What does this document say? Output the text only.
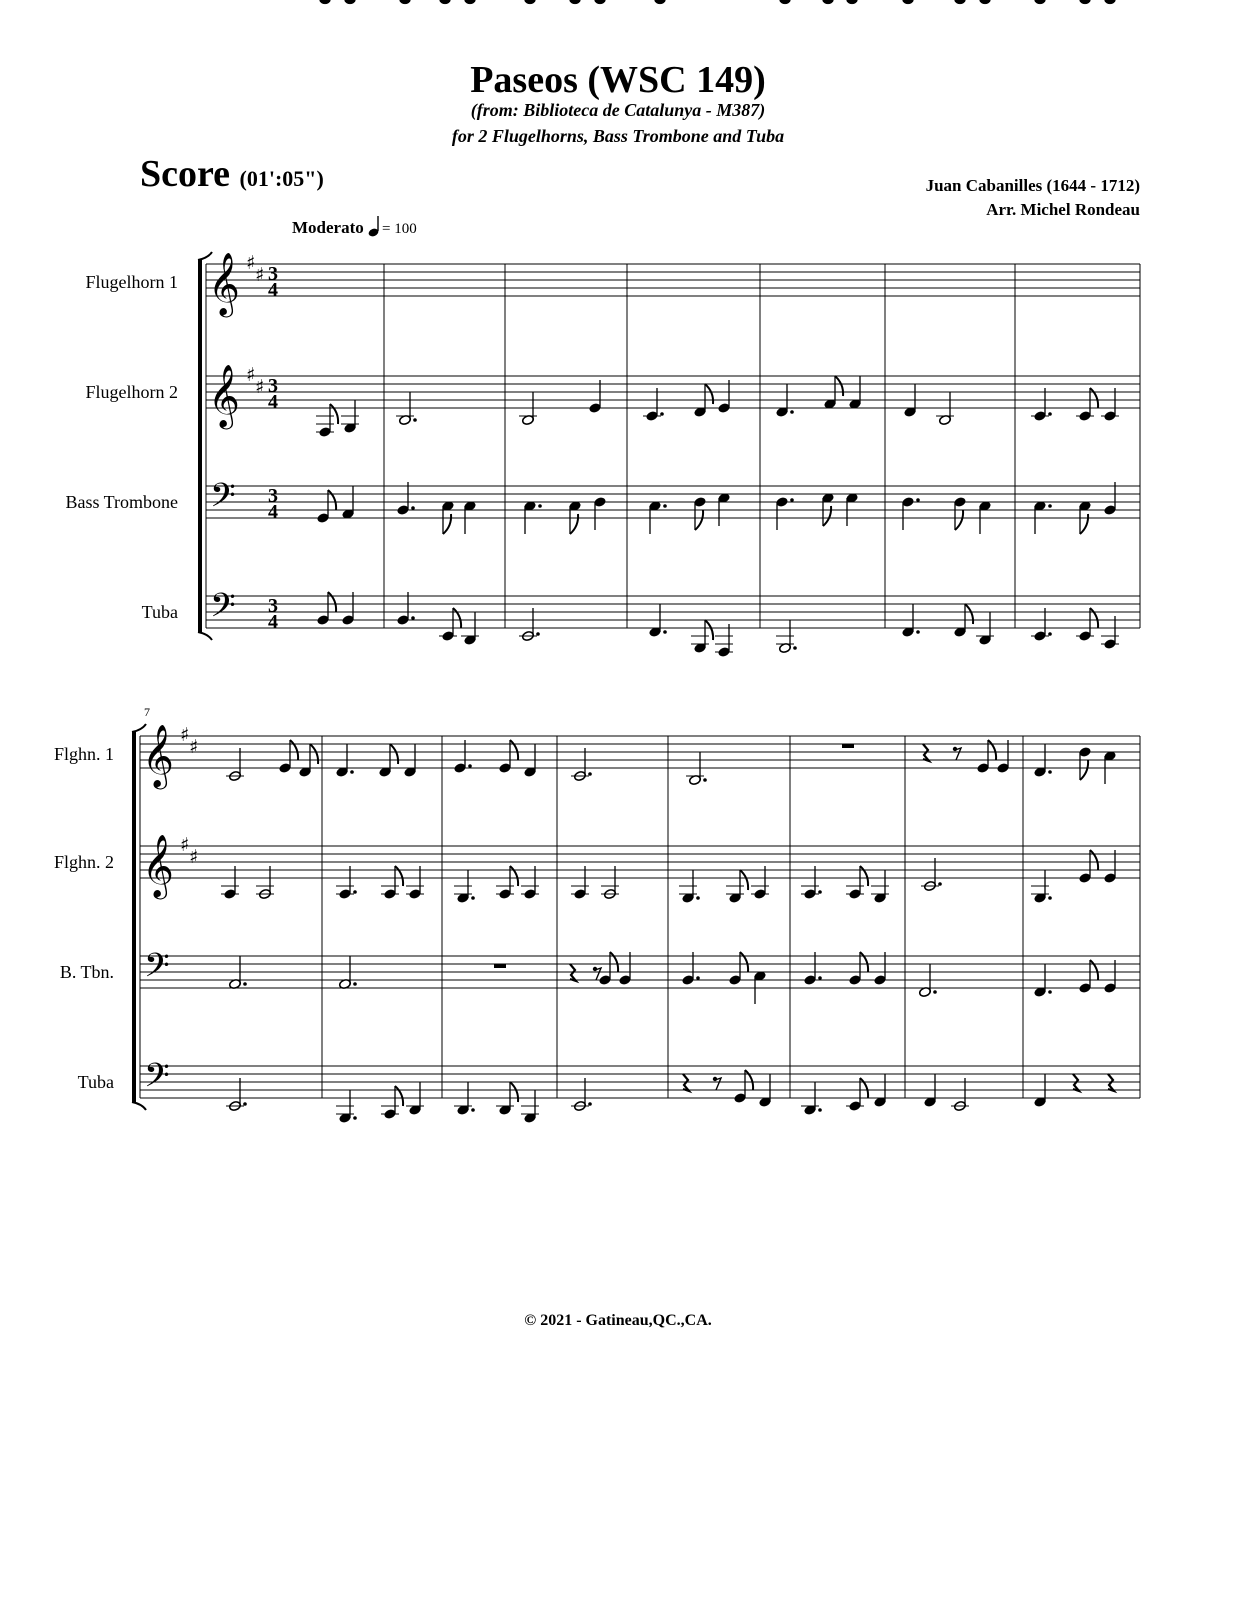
Paseos (WSC 149)
(from: Biblioteca de Catalunya - M387)
for 2 Flugelhorns, Bass Trombone and Tuba
Score (01':05")	Juan Cabanilles (1644 - 1712)
Arr. Michel Rondeau
Moderato = 100
Flugelhorn 1
Flugelhorn 2
Bass Trombone
Tuba
Flghn. 1
Flghn. 2
B. Tbn.
Tuba
7
𝄞 ♯
♯ 3
4
𝄞 ♯
♯ 3
4
𝄢 3
4
𝄢 3
4
𝄞 ♯
♯
𝄞 ♯
♯
𝄢
𝄢
© 2021 - Gatineau,QC.,CA.
